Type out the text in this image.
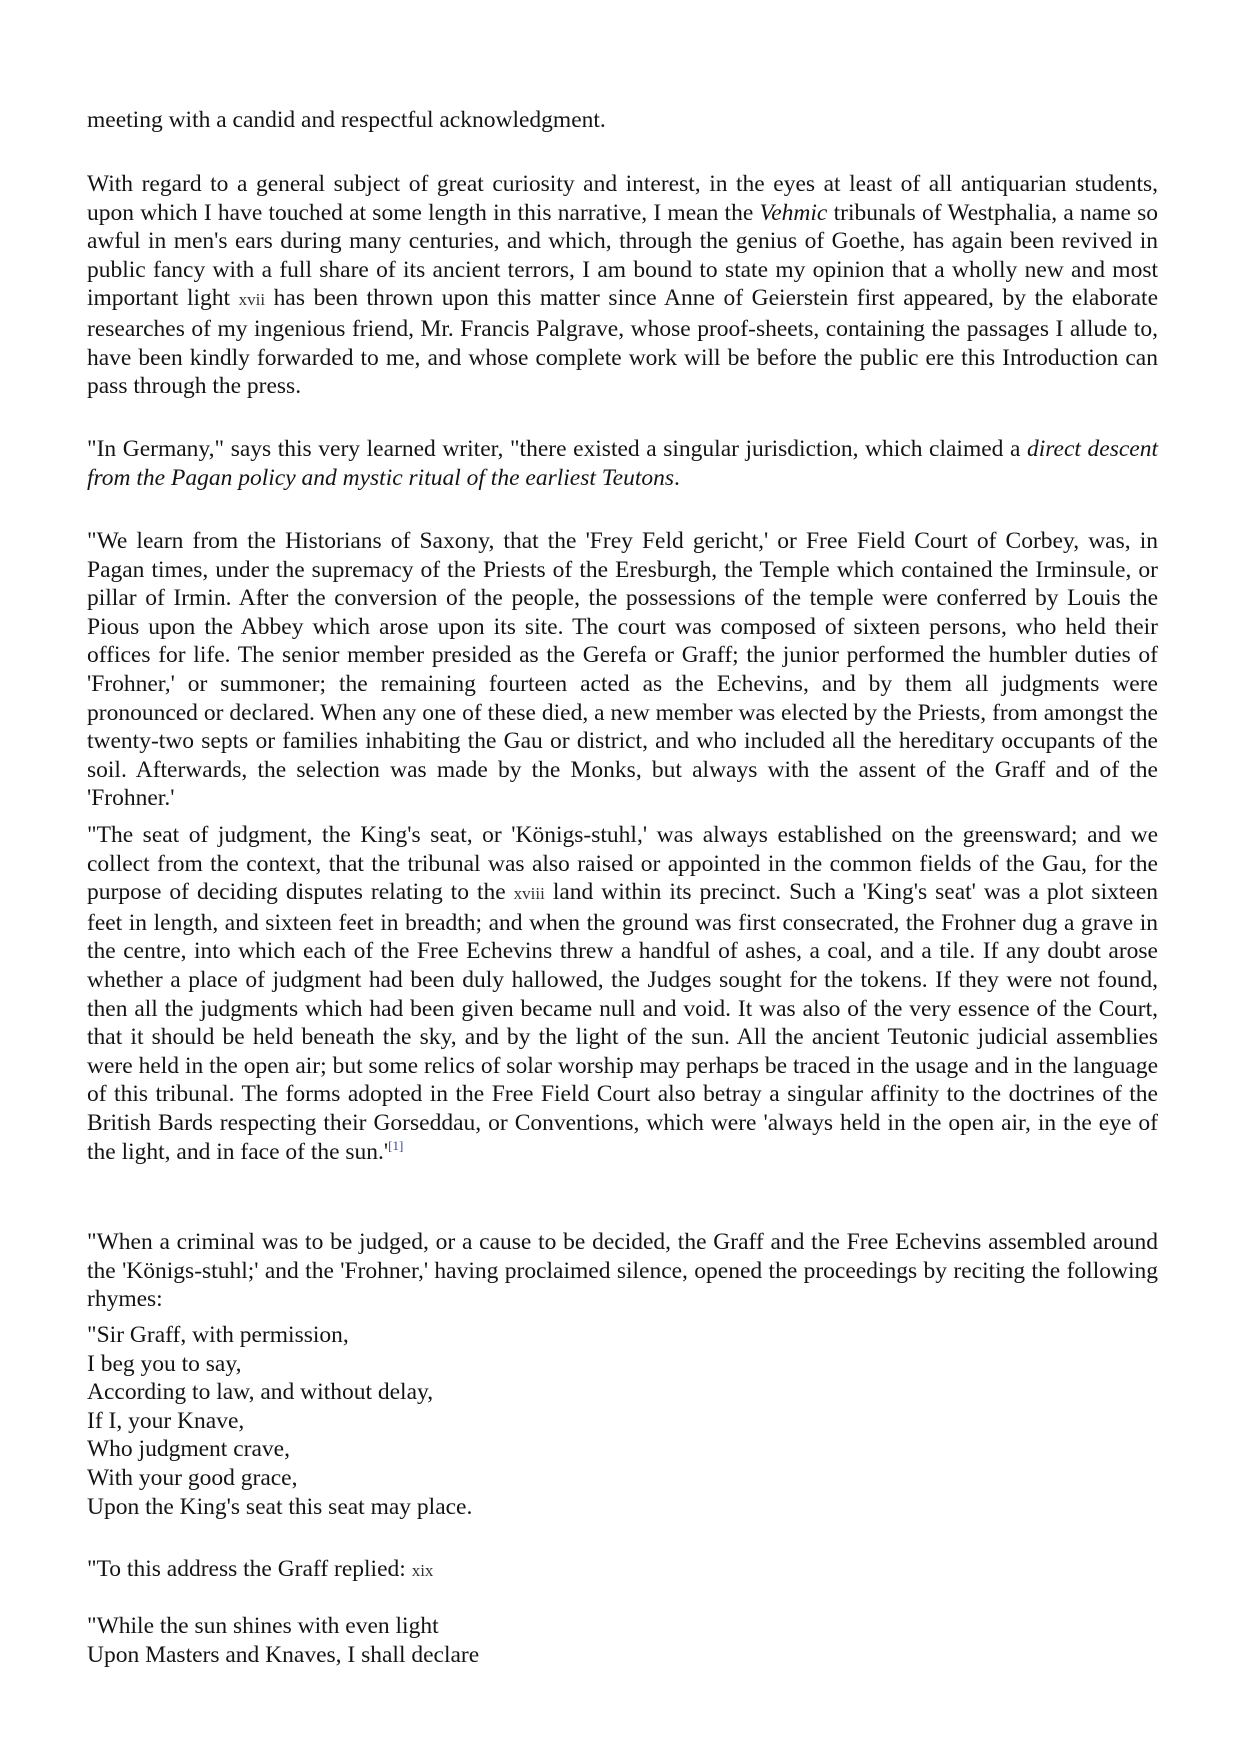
meeting with a candid and respectful acknowledgment.

With regard to a general subject of great curiosity and interest, in the eyes at least of all antiquarian students, upon which I have touched at some length in this narrative, I mean the Vehmic tribunals of Westphalia, a name so awful in men's ears during many centuries, and which, through the genius of Goethe, has again been revived in public fancy with a full share of its ancient terrors, I am bound to state my opinion that a wholly new and most important light xvii has been thrown upon this matter since Anne of Geierstein first appeared, by the elaborate researches of my ingenious friend, Mr. Francis Palgrave, whose proof-sheets, containing the passages I allude to, have been kindly forwarded to me, and whose complete work will be before the public ere this Introduction can pass through the press.

"In Germany," says this very learned writer, "there existed a singular jurisdiction, which claimed a direct descent from the Pagan policy and mystic ritual of the earliest Teutons.

"We learn from the Historians of Saxony, that the 'Frey Feld gericht,' or Free Field Court of Corbey, was, in Pagan times, under the supremacy of the Priests of the Eresburgh, the Temple which contained the Irminsule, or pillar of Irmin. After the conversion of the people, the possessions of the temple were conferred by Louis the Pious upon the Abbey which arose upon its site. The court was composed of sixteen persons, who held their offices for life. The senior member presided as the Gerefa or Graff; the junior performed the humbler duties of 'Frohner,' or summoner; the remaining fourteen acted as the Echevins, and by them all judgments were pronounced or declared. When any one of these died, a new member was elected by the Priests, from amongst the twenty-two septs or families inhabiting the Gau or district, and who included all the hereditary occupants of the soil. Afterwards, the selection was made by the Monks, but always with the assent of the Graff and of the 'Frohner.'

"The seat of judgment, the King's seat, or 'Königs-stuhl,' was always established on the greensward; and we collect from the context, that the tribunal was also raised or appointed in the common fields of the Gau, for the purpose of deciding disputes relating to the xviii land within its precinct. Such a 'King's seat' was a plot sixteen feet in length, and sixteen feet in breadth; and when the ground was first consecrated, the Frohner dug a grave in the centre, into which each of the Free Echevins threw a handful of ashes, a coal, and a tile. If any doubt arose whether a place of judgment had been duly hallowed, the Judges sought for the tokens. If they were not found, then all the judgments which had been given became null and void. It was also of the very essence of the Court, that it should be held beneath the sky, and by the light of the sun. All the ancient Teutonic judicial assemblies were held in the open air; but some relics of solar worship may perhaps be traced in the usage and in the language of this tribunal. The forms adopted in the Free Field Court also betray a singular affinity to the doctrines of the British Bards respecting their Gorseddau, or Conventions, which were 'always held in the open air, in the eye of the light, and in face of the sun.'[1]

"When a criminal was to be judged, or a cause to be decided, the Graff and the Free Echevins assembled around the 'Königs-stuhl;' and the 'Frohner,' having proclaimed silence, opened the proceedings by reciting the following rhymes:

"Sir Graff, with permission,
I beg you to say,
According to law, and without delay,
If I, your Knave,
Who judgment crave,
With your good grace,
Upon the King's seat this seat may place.

"To this address the Graff replied: xix

"While the sun shines with even light
Upon Masters and Knaves, I shall declare
